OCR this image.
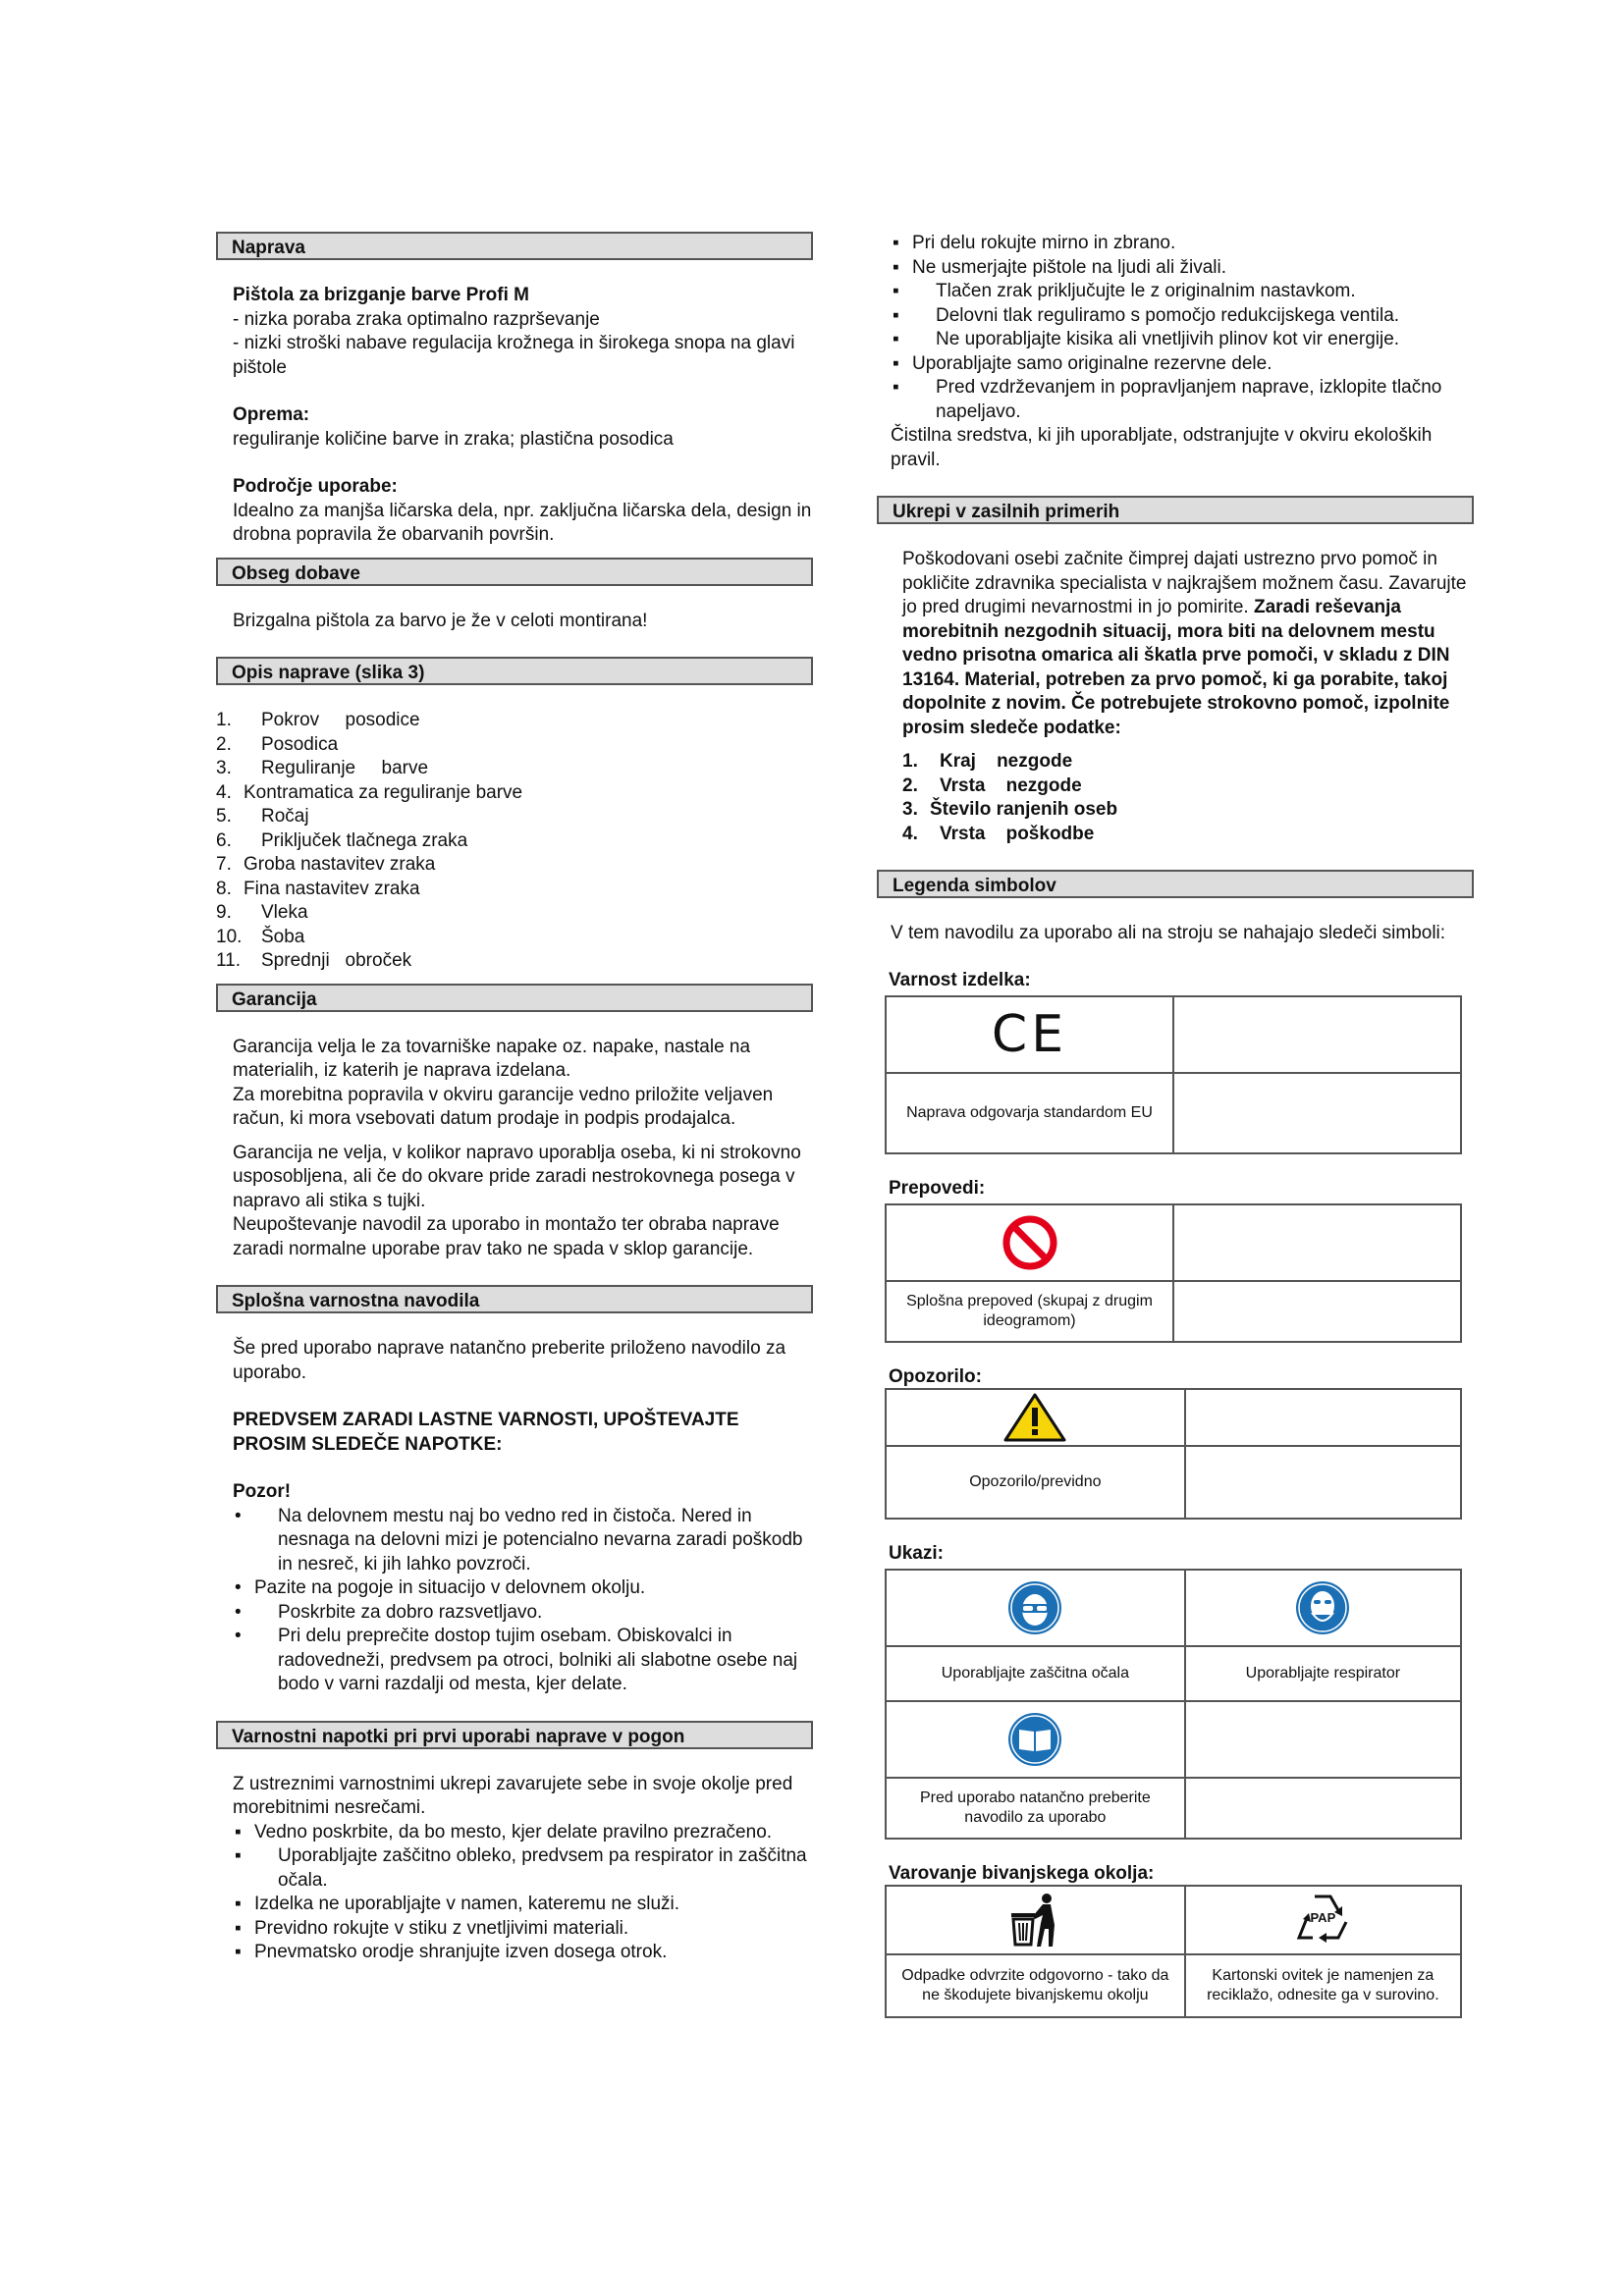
Naprava
Pištola za brizganje barve Profi M
- nizka poraba zraka optimalno razprševanje
- nizki stroški nabave regulacija krožnega in širokega snopa na glavi pištole
Oprema:
reguliranje količine barve in zraka; plastična posodica
Področje uporabe:
Idealno za manjša ličarska dela, npr. zaključna ličarska dela, design in drobna popravila že obarvanih površin.
Obseg dobave
Brizgalna pištola za barvo je že v celoti montirana!
Opis naprave (slika 3)
1.	Pokrov     posodice
2.	Posodica
3.	Reguliranje     barve
4. Kontramatica za reguliranje barve
5.	Ročaj
6.	Priključek tlačnega zraka
7. Groba nastavitev zraka
8. Fina nastavitev zraka
9.	Vleka
10.	Šoba
11.	Sprednji   obroček
Garancija
Garancija velja le za tovarniške napake oz. napake, nastale na materialih, iz katerih je naprava izdelana.
Za morebitna popravila v okviru garancije vedno priložite veljaven račun, ki mora vsebovati datum prodaje in podpis prodajalca.
Garancija ne velja, v kolikor napravo uporablja oseba, ki ni strokovno usposobljena, ali če do okvare pride zaradi nestrokovnega posega v napravo ali stika s tujki.
Neupoštevanje navodil za uporabo in montažo ter obraba naprave zaradi normalne uporabe prav tako ne spada v sklop garancije.
Splošna varnostna navodila
Še pred uporabo naprave natančno preberite priloženo navodilo za uporabo.
PREDVSEM ZARADI LASTNE VARNOSTI, UPOŠTEVAJTE PROSIM SLEDEČE NAPOTKE:
Pozor!
• Na delovnem mestu naj bo vedno red in čistoča. Nered in nesnaga na delovni mizi je potencialno nevarna zaradi poškodb in nesreč, ki jih lahko povzroči.
• Pazite na pogoje in situacijo v delovnem okolju.
• Poskrbite za dobro razsvetljavo.
• Pri delu preprečite dostop tujim osebam. Obiskovalci in radovedneži, predvsem pa otroci, bolniki ali slabotne osebe naj bodo v varni razdalji od mesta, kjer delate.
Varnostni napotki pri prvi uporabi naprave v pogon
Z ustreznimi varnostnimi ukrepi zavarujete sebe in svoje okolje pred morebitnimi nesrečami.
▪ Vedno poskrbite, da bo mesto, kjer delate pravilno prezračeno.
▪ Uporabljajte zaščitno obleko, predvsem pa respirator in zaščitna očala.
▪ Izdelka ne uporabljajte v namen, kateremu ne služi.
▪ Previdno rokujte v stiku z vnetljivimi materiali.
▪ Pnevmatsko orodje shranjujte izven dosega otrok.
▪ Pri delu rokujte mirno in zbrano.
▪ Ne usmerjajte pištole na ljudi ali živali.
▪ Tlačen zrak priključujte le z originalnim nastavkom.
▪ Delovni tlak reguliramo s pomočjo redukcijskega ventila.
▪ Ne uporabljajte kisika ali vnetljivih plinov kot vir energije.
▪ Uporabljajte samo originalne rezervne dele.
▪ Pred vzdrževanjem in popravljanjem naprave, izklopite tlačno napeljavo.
Čistilna sredstva, ki jih uporabljate, odstranjujte v okviru ekoloških pravil.
Ukrepi v zasilnih primerih
Poškodovani osebi začnite čimprej dajati ustrezno prvo pomoč in pokličite zdravnika specialista v najkrajšem možnem času. Zavarujte jo pred drugimi nevarnostmi in jo pomirite. Zaradi reševanja morebitnih nezgodnih situacij, mora biti na delovnem mestu vedno prisotna omarica ali škatla prve pomoči, v skladu z DIN 13164. Material, potreben za prvo pomoč, ki ga porabite, takoj dopolnite z novim. Če potrebujete strokovno pomoč, izpolnite prosim sledeče podatke:
1.	Kraj    nezgode
2.	Vrsta    nezgode
3. Število ranjenih oseb
4.	Vrsta    poškodbe
Legenda simbolov
V tem navodilu za uporabo ali na stroju se nahajajo sledeči simboli:
Varnost izdelka:
CE	
Naprava odgovarja standardom EU	
Prepovedi:

Splošna prepoved (skupaj z drugim ideogramom)	
Opozorilo:

Opozorilo/previdno	
Ukazi:

Uporabljajte zaščitna očala	Uporabljajte respirator

Pred uporabo natančno preberite navodilo za uporabo	
Varovanje bivanjskega okolja:

PAP

Odpadke odvrzite odgovorno - tako da ne škodujete bivanjskemu okolju	Kartonski ovitek je namenjen za reciklažo, odnesite ga v surovino.
